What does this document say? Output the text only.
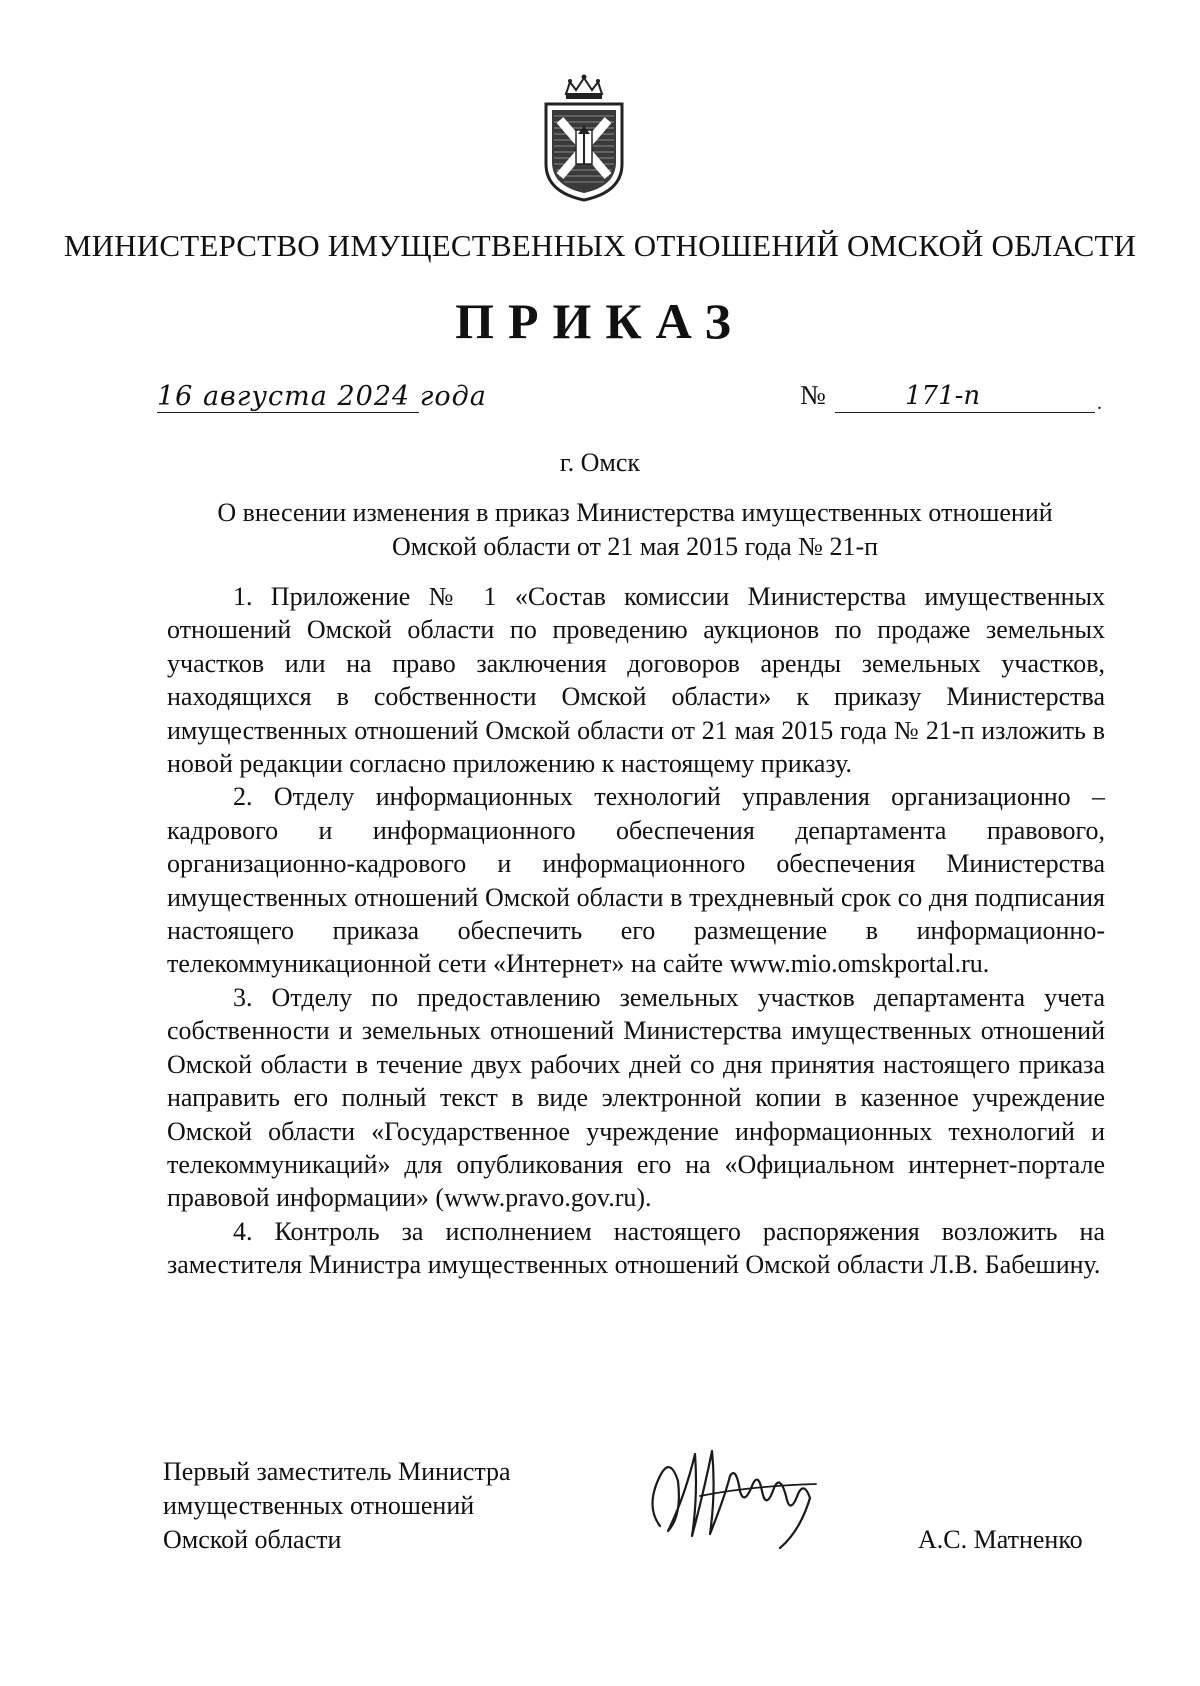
МИНИСТЕРСТВО ИМУЩЕСТВЕННЫХ ОТНОШЕНИЙ ОМСКОЙ ОБЛАСТИ
ПРИКАЗ
16 августа 2024 года	№	171-п	.
г. Омск
О внесении изменения в приказ Министерства имущественных отношений
Омской области от 21 мая 2015 года № 21-п

1. Приложение № 1 «Состав комиссии Министерства имущественных отношений Омской области по проведению аукционов по продаже земельных участков или на право заключения договоров аренды земельных участков, находящихся в собственности Омской области» к приказу Министерства имущественных отношений Омской области от 21 мая 2015 года № 21-п изложить в новой редакции согласно приложению к настоящему приказу.

2. Отделу информационных технологий управления организационно – кадрового и информационного обеспечения департамента правового, организационно-кадрового и информационного обеспечения Министерства имущественных отношений Омской области в трехдневный срок со дня подписания настоящего приказа обеспечить его размещение в информационно-телекоммуникационной сети «Интернет» на сайте www.mio.omskportal.ru.

3. Отделу по предоставлению земельных участков департамента учета собственности и земельных отношений Министерства имущественных отношений Омской области в течение двух рабочих дней со дня принятия настоящего приказа направить его полный текст в виде электронной копии в казенное учреждение Омской области «Государственное учреждение информационных технологий и телекоммуникаций» для опубликования его на «Официальном интернет-портале правовой информации» (www.pravo.gov.ru).

4. Контроль за исполнением настоящего распоряжения возложить на заместителя Министра имущественных отношений Омской области Л.В. Бабешину.

Первый заместитель Министра
имущественных отношений
Омской области	А.С. Матненко
